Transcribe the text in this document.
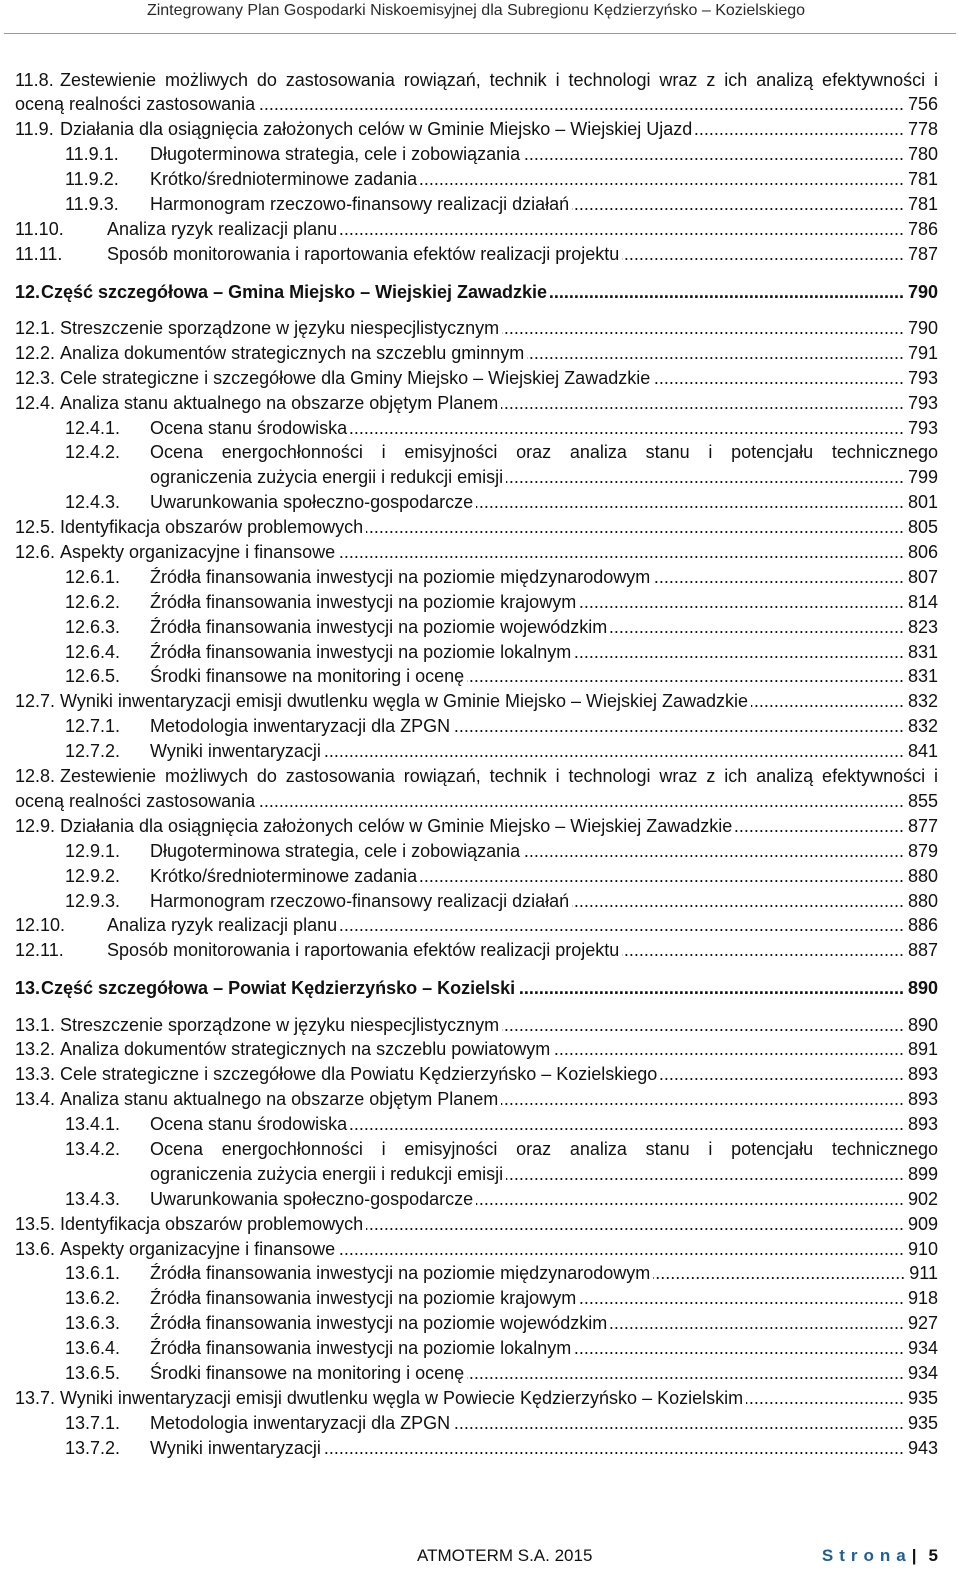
Zintegrowany Plan Gospodarki Niskoemisyjnej dla Subregionu Kędzierzyńsko – Kozielskiego
11.8. Zestewienie możliwych do zastosowania rowiązań, technik i technologi wraz z ich analizą efektywności i
oceną realności zastosowania .....	756
11.9. Działania dla osiągnięcia założonych celów w Gminie Miejsko – Wiejskiej Ujazd .....	778
11.9.1.	Długoterminowa strategia, cele i zobowiązania .....	780
11.9.2.	Krótko/średnioterminowe zadania .....	781
11.9.3.	Harmonogram rzeczowo-finansowy realizacji działań .....	781
11.10.	Analiza ryzyk realizacji planu .....	786
11.11.	Sposób monitorowania i raportowania efektów realizacji projektu .....	787
12. Część szczegółowa – Gmina Miejsko – Wiejskiej Zawadzkie .....	790
12.1. Streszczenie sporządzone w języku niespecjlistycznym .....	790
12.2. Analiza dokumentów strategicznych na szczeblu gminnym .....	791
12.3. Cele strategiczne i szczegółowe dla Gminy Miejsko – Wiejskiej Zawadzkie .....	793
12.4. Analiza stanu aktualnego na obszarze objętym Planem .....	793
12.4.1.	Ocena stanu środowiska .....	793
12.4.2.	Ocena energochłonności i emisyjności oraz analiza stanu i potencjału technicznego
ograniczenia zużycia energii i redukcji emisji .....	799
12.4.3.	Uwarunkowania społeczno-gospodarcze .....	801
12.5. Identyfikacja obszarów problemowych .....	805
12.6. Aspekty organizacyjne i finansowe .....	806
12.6.1.	Źródła finansowania inwestycji na poziomie międzynarodowym .....	807
12.6.2.	Źródła finansowania inwestycji na poziomie krajowym .....	814
12.6.3.	Źródła finansowania inwestycji na poziomie wojewódzkim .....	823
12.6.4.	Źródła finansowania inwestycji na poziomie lokalnym .....	831
12.6.5.	Środki finansowe na monitoring i ocenę .....	831
12.7. Wyniki inwentaryzacji emisji dwutlenku węgla w Gminie Miejsko – Wiejskiej Zawadzkie .....	832
12.7.1.	Metodologia inwentaryzacji dla ZPGN .....	832
12.7.2.	Wyniki inwentaryzacji .....	841
12.8. Zestewienie możliwych do zastosowania rowiązań, technik i technologi wraz z ich analizą efektywności i
oceną realności zastosowania .....	855
12.9. Działania dla osiągnięcia założonych celów w Gminie Miejsko – Wiejskiej Zawadzkie .....	877
12.9.1.	Długoterminowa strategia, cele i zobowiązania .....	879
12.9.2.	Krótko/średnioterminowe zadania .....	880
12.9.3.	Harmonogram rzeczowo-finansowy realizacji działań .....	880
12.10.	Analiza ryzyk realizacji planu .....	886
12.11.	Sposób monitorowania i raportowania efektów realizacji projektu .....	887
13. Część szczegółowa – Powiat Kędzierzyńsko – Kozielski .....	890
13.1. Streszczenie sporządzone w języku niespecjlistycznym .....	890
13.2. Analiza dokumentów strategicznych na szczeblu powiatowym .....	891
13.3. Cele strategiczne i szczegółowe dla Powiatu Kędzierzyńsko – Kozielskiego .....	893
13.4. Analiza stanu aktualnego na obszarze objętym Planem .....	893
13.4.1.	Ocena stanu środowiska .....	893
13.4.2.	Ocena energochłonności i emisyjności oraz analiza stanu i potencjału technicznego
ograniczenia zużycia energii i redukcji emisji .....	899
13.4.3.	Uwarunkowania społeczno-gospodarcze .....	902
13.5. Identyfikacja obszarów problemowych .....	909
13.6. Aspekty organizacyjne i finansowe .....	910
13.6.1.	Źródła finansowania inwestycji na poziomie międzynarodowym .....	911
13.6.2.	Źródła finansowania inwestycji na poziomie krajowym .....	918
13.6.3.	Źródła finansowania inwestycji na poziomie wojewódzkim .....	927
13.6.4.	Źródła finansowania inwestycji na poziomie lokalnym .....	934
13.6.5.	Środki finansowe na monitoring i ocenę .....	934
13.7. Wyniki inwentaryzacji emisji dwutlenku węgla w Powiecie Kędzierzyńsko – Kozielskim .....	935
13.7.1.	Metodologia inwentaryzacji dla ZPGN .....	935
13.7.2.	Wyniki inwentaryzacji .....	943
ATMOTERM S.A. 2015	Strona | 5
